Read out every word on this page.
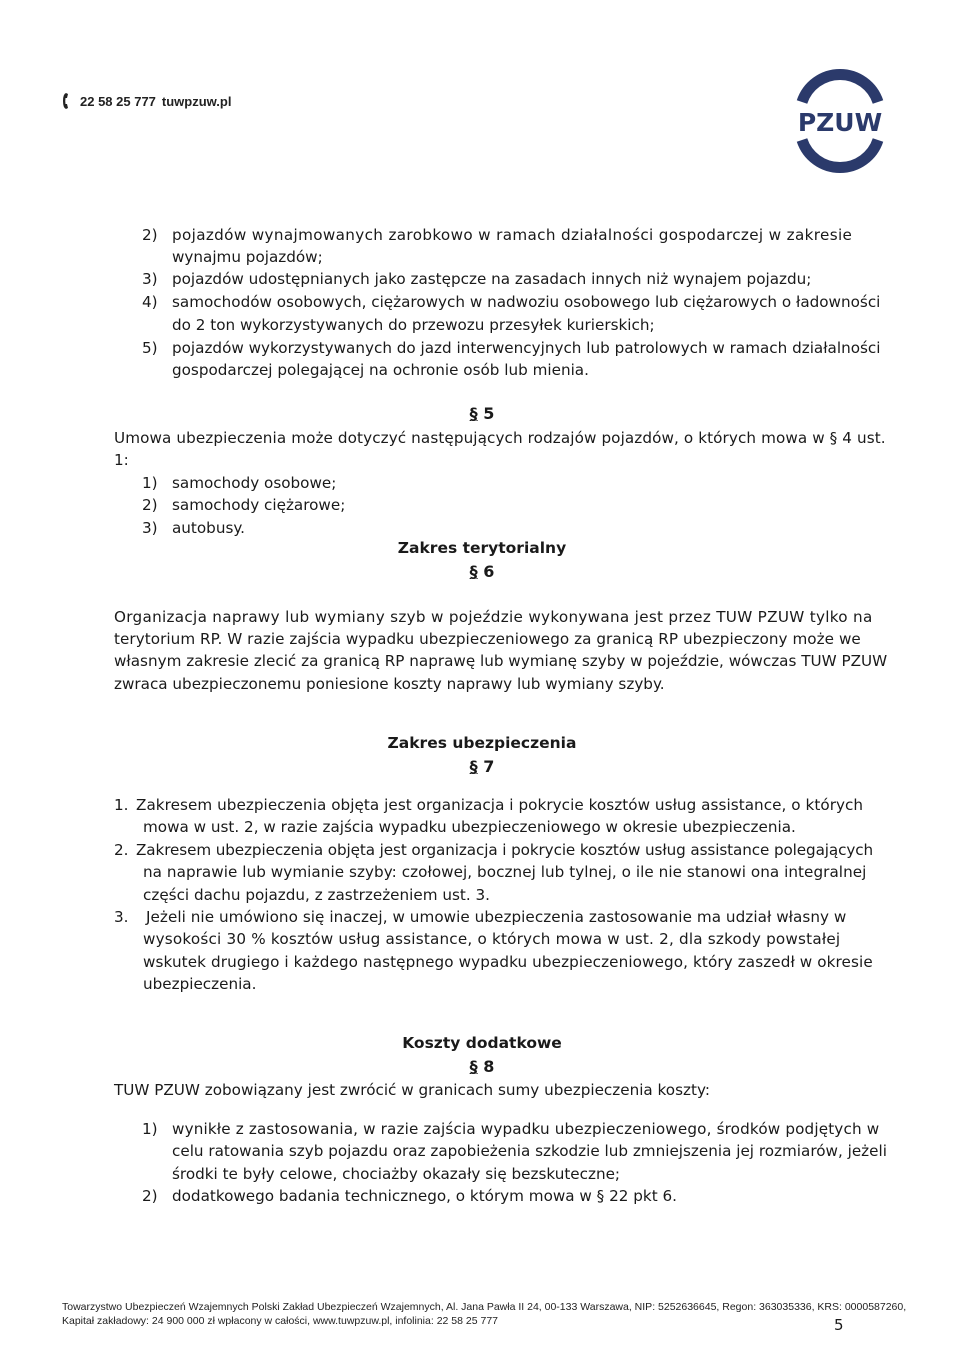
22 58 25 777 tuwpzuw.pl
PZUW
2) pojazdów wynajmowanych zarobkowo w ramach działalności gospodarczej w zakresie
wynajmu pojazdów;
3) pojazdów udostępnianych jako zastępcze na zasadach innych niż wynajem pojazdu;
4) samochodów osobowych, ciężarowych w nadwoziu osobowego lub ciężarowych o ładowności
do 2 ton wykorzystywanych do przewozu przesyłek kurierskich;
5) pojazdów wykorzystywanych do jazd interwencyjnych lub patrolowych w ramach działalności
gospodarczej polegającej na ochronie osób lub mienia.
§ 5
Umowa ubezpieczenia może dotyczyć następujących rodzajów pojazdów, o których mowa w § 4 ust.
1:
1) samochody osobowe;
2) samochody ciężarowe;
3) autobusy.
Zakres terytorialny
§ 6
Organizacja naprawy lub wymiany szyb w pojeździe wykonywana jest przez TUW PZUW tylko na
terytorium RP. W razie zajścia wypadku ubezpieczeniowego za granicą RP ubezpieczony może we
własnym zakresie zlecić za granicą RP naprawę lub wymianę szyby w pojeździe, wówczas TUW PZUW
zwraca ubezpieczonemu poniesione koszty naprawy lub wymiany szyby.
Zakres ubezpieczenia
§ 7
1. Zakresem ubezpieczenia objęta jest organizacja i pokrycie kosztów usług assistance, o których
mowa w ust. 2, w razie zajścia wypadku ubezpieczeniowego w okresie ubezpieczenia.
2. Zakresem ubezpieczenia objęta jest organizacja i pokrycie kosztów usług assistance polegających
na naprawie lub wymianie szyby: czołowej, bocznej lub tylnej, o ile nie stanowi ona integralnej
części dachu pojazdu, z zastrzeżeniem ust. 3.
3. Jeżeli nie umówiono się inaczej, w umowie ubezpieczenia zastosowanie ma udział własny w
wysokości 30 % kosztów usług assistance, o których mowa w ust. 2, dla szkody powstałej
wskutek drugiego i każdego następnego wypadku ubezpieczeniowego, który zaszedł w okresie
ubezpieczenia.
Koszty dodatkowe
§ 8
TUW PZUW zobowiązany jest zwrócić w granicach sumy ubezpieczenia koszty:
1) wynikłe z zastosowania, w razie zajścia wypadku ubezpieczeniowego, środków podjętych w
celu ratowania szyb pojazdu oraz zapobieżenia szkodzie lub zmniejszenia jej rozmiarów, jeżeli
środki te były celowe, chociażby okazały się bezskuteczne;
2) dodatkowego badania technicznego, o którym mowa w § 22 pkt 6.
Towarzystwo Ubezpieczeń Wzajemnych Polski Zakład Ubezpieczeń Wzajemnych, Al. Jana Pawła II 24, 00-133 Warszawa, NIP: 5252636645, Regon: 363035336, KRS: 0000587260,
Kapitał zakładowy: 24 900 000 zł wpłacony w całości, www.tuwpzuw.pl, infolinia: 22 58 25 777	5
